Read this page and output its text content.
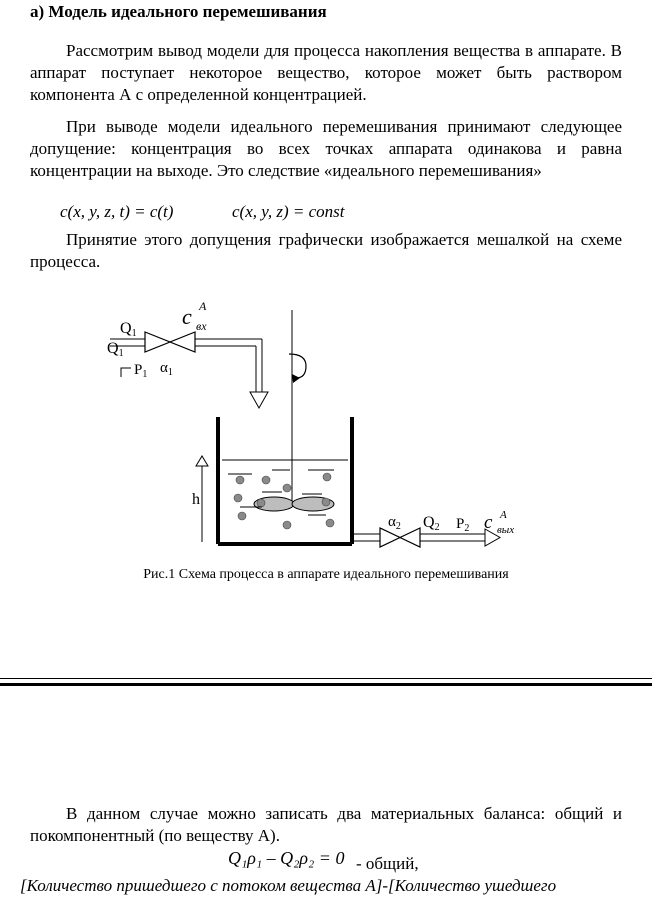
а) Модель идеального перемешивания

Рассмотрим вывод модели для процесса накопления вещества в аппарате. В аппарат поступает некоторое вещество, которое может быть раствором компонента А с определенной концентрацией.

При выводе модели идеального перемешивания принимают следующее допущение: концентрация во всех точках аппарата одинакова и равна концентрации на выходе. Это следствие «идеального перемешивания»

c(x, y, z, t) = c(t)	c(x, y, z) = const

Принятие этого допущения графически изображается мешалкой на схеме процесса.

Q1
Q1
$P_1$ $\alpha_1$
с A
вх
h
$\alpha_2$ Q2 $P_2$ с A
вых
Рис.1 Схема процесса в аппарате идеального перемешивания

В данном случае можно записать два материальных баланса: общий и покомпонентный (по веществу А).

Q₁ρ₁ – Q₂ρ₂ = 0 - общий,
[Количество пришедшего с потоком вещества A]-[Количество ушедшего
